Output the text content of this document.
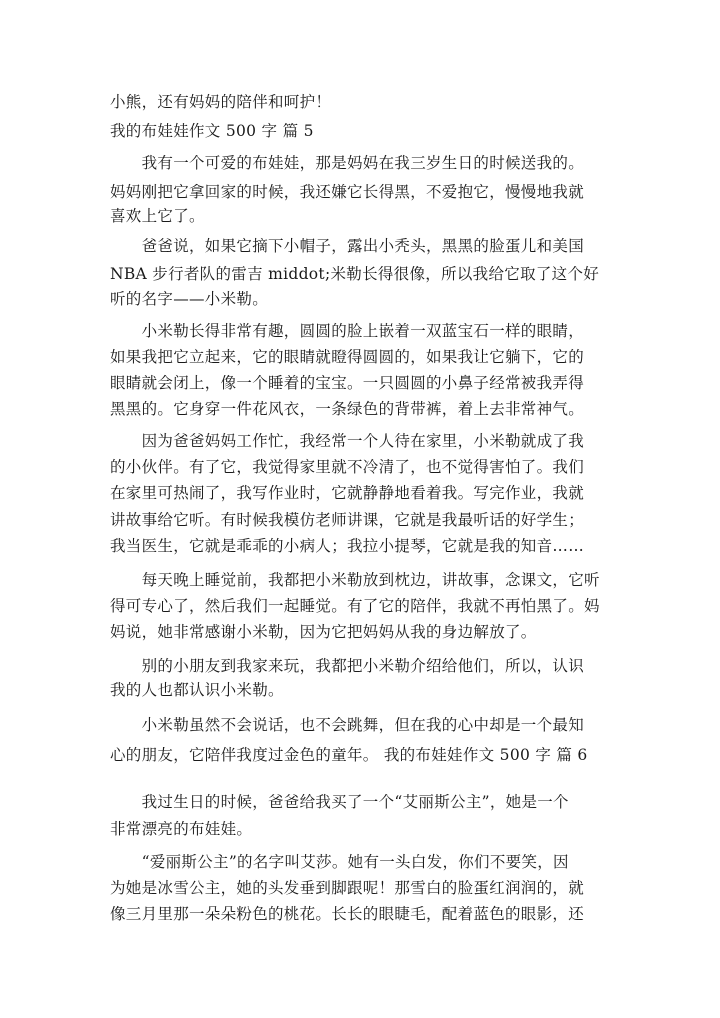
小熊，还有妈妈的陪伴和呵护！
我的布娃娃作文 500 字 篇 5
　　我有一个可爱的布娃娃，那是妈妈在我三岁生日的时候送我的。
妈妈刚把它拿回家的时候，我还嫌它长得黑，不爱抱它，慢慢地我就
喜欢上它了。
　　爸爸说，如果它摘下小帽子，露出小秃头，黑黑的脸蛋儿和美国
NBA 步行者队的雷吉 middot;米勒长得很像，所以我给它取了这个好
听的名字——小米勒。
　　小米勒长得非常有趣，圆圆的脸上嵌着一双蓝宝石一样的眼睛，
如果我把它立起来，它的眼睛就瞪得圆圆的，如果我让它躺下，它的
眼睛就会闭上，像一个睡着的宝宝。一只圆圆的小鼻子经常被我弄得
黑黑的。它身穿一件花风衣，一条绿色的背带裤，着上去非常神气。
　　因为爸爸妈妈工作忙，我经常一个人待在家里，小米勒就成了我
的小伙伴。有了它，我觉得家里就不冷清了，也不觉得害怕了。我们
在家里可热闹了，我写作业时，它就静静地看着我。写完作业，我就
讲故事给它听。有时候我模仿老师讲课，它就是我最听话的好学生；
我当医生，它就是乖乖的小病人；我拉小提琴，它就是我的知音……
　　每天晚上睡觉前，我都把小米勒放到枕边，讲故事，念课文，它听
得可专心了，然后我们一起睡觉。有了它的陪伴，我就不再怕黑了。妈
妈说，她非常感谢小米勒，因为它把妈妈从我的身边解放了。
　　别的小朋友到我家来玩，我都把小米勒介绍给他们，所以，认识
我的人也都认识小米勒。
　　小米勒虽然不会说话，也不会跳舞，但在我的心中却是一个最知
心的朋友，它陪伴我度过金色的童年。 我的布娃娃作文 500 字 篇 6
　　我过生日的时候，爸爸给我买了一个“艾丽斯公主”，她是一个
非常漂亮的布娃娃。
　　“爱丽斯公主”的名字叫艾莎。她有一头白发，你们不要笑，因
为她是冰雪公主，她的头发垂到脚跟呢！那雪白的脸蛋红润润的，就
像三月里那一朵朵粉色的桃花。长长的眼睫毛，配着蓝色的眼影，还
